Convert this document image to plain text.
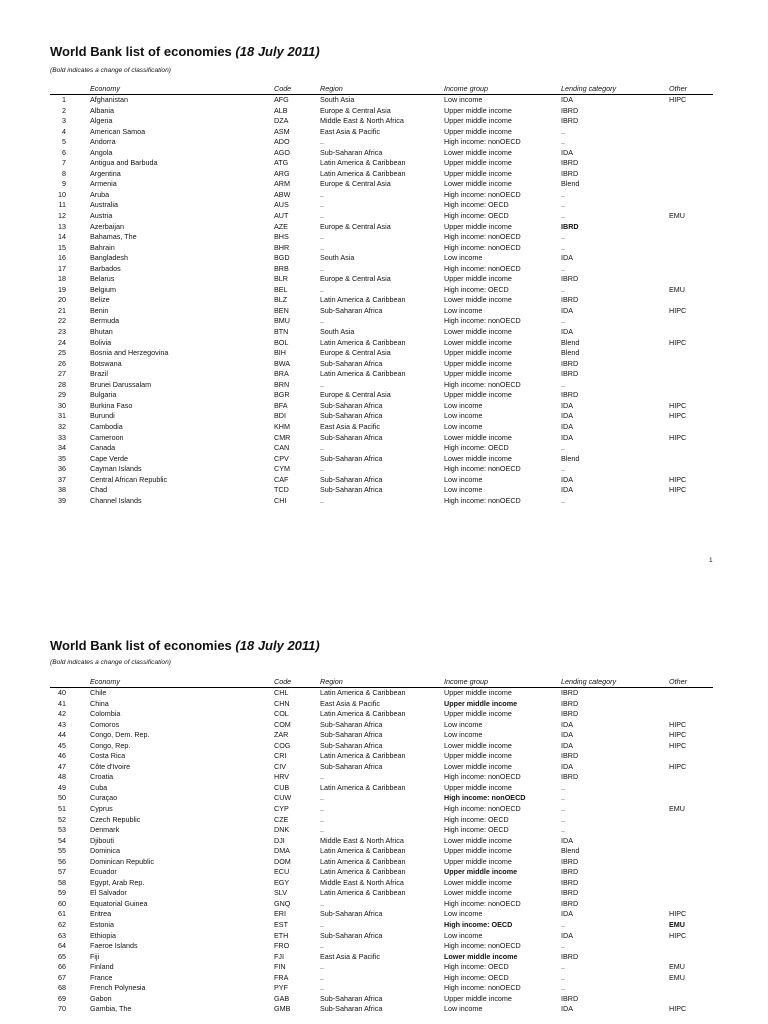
World Bank list of economies (18 July 2011)
(Bold indicates a change of classification)
		Economy	Code	Region	Income group	Lending category	Other
1		Afghanistan	AFG	South Asia	Low income	IDA	HIPC
2		Albania	ALB	Europe & Central Asia	Upper middle income	IBRD	
3		Algeria	DZA	Middle East & North Africa	Upper middle income	IBRD	
4		American Samoa	ASM	East Asia & Pacific	Upper middle income	..	
5		Andorra	ADO	..	High income: nonOECD	..	
6		Angola	AGO	Sub-Saharan Africa	Lower middle income	IDA	
7		Antigua and Barbuda	ATG	Latin America & Caribbean	Upper middle income	IBRD	
8		Argentina	ARG	Latin America & Caribbean	Upper middle income	IBRD	
9		Armenia	ARM	Europe & Central Asia	Lower middle income	Blend	
10		Aruba	ABW	..	High income: nonOECD	..	
11		Australia	AUS	..	High income: OECD	..	
12		Austria	AUT	..	High income: OECD	..	EMU
13		Azerbaijan	AZE	Europe & Central Asia	Upper middle income	IBRD	
14		Bahamas, The	BHS	..	High income: nonOECD	..	
15		Bahrain	BHR	..	High income: nonOECD	..	
16		Bangladesh	BGD	South Asia	Low income	IDA	
17		Barbados	BRB	..	High income: nonOECD	..	
18		Belarus	BLR	Europe & Central Asia	Upper middle income	IBRD	
19		Belgium	BEL	..	High income: OECD	..	EMU
20		Belize	BLZ	Latin America & Caribbean	Lower middle income	IBRD	
21		Benin	BEN	Sub-Saharan Africa	Low income	IDA	HIPC
22		Bermuda	BMU	..	High income: nonOECD	..	
23		Bhutan	BTN	South Asia	Lower middle income	IDA	
24		Bolivia	BOL	Latin America & Caribbean	Lower middle income	Blend	HIPC
25		Bosnia and Herzegovina	BIH	Europe & Central Asia	Upper middle income	Blend	
26		Botswana	BWA	Sub-Saharan Africa	Upper middle income	IBRD	
27		Brazil	BRA	Latin America & Caribbean	Upper middle income	IBRD	
28		Brunei Darussalam	BRN	..	High income: nonOECD	..	
29		Bulgaria	BGR	Europe & Central Asia	Upper middle income	IBRD	
30		Burkina Faso	BFA	Sub-Saharan Africa	Low income	IDA	HIPC
31		Burundi	BDI	Sub-Saharan Africa	Low income	IDA	HIPC
32		Cambodia	KHM	East Asia & Pacific	Low income	IDA	
33		Cameroon	CMR	Sub-Saharan Africa	Lower middle income	IDA	HIPC
34		Canada	CAN	..	High income: OECD	..	
35		Cape Verde	CPV	Sub-Saharan Africa	Lower middle income	Blend	
36		Cayman Islands	CYM	..	High income: nonOECD	..	
37		Central African Republic	CAF	Sub-Saharan Africa	Low income	IDA	HIPC
38		Chad	TCD	Sub-Saharan Africa	Low income	IDA	HIPC
39		Channel Islands	CHI	..	High income: nonOECD	..	
1
World Bank list of economies (18 July 2011)
(Bold indicates a change of classification)
		Economy	Code	Region	Income group	Lending category	Other
40		Chile	CHL	Latin America & Caribbean	Upper middle income	IBRD	
41		China	CHN	East Asia & Pacific	Upper middle income	IBRD	
42		Colombia	COL	Latin America & Caribbean	Upper middle income	IBRD	
43		Comoros	COM	Sub-Saharan Africa	Low income	IDA	HIPC
44		Congo, Dem. Rep.	ZAR	Sub-Saharan Africa	Low income	IDA	HIPC
45		Congo, Rep.	COG	Sub-Saharan Africa	Lower middle income	IDA	HIPC
46		Costa Rica	CRI	Latin America & Caribbean	Upper middle income	IBRD	
47		Côte d'Ivoire	CIV	Sub-Saharan Africa	Lower middle income	IDA	HIPC
48		Croatia	HRV	..	High income: nonOECD	IBRD	
49		Cuba	CUB	Latin America & Caribbean	Upper middle income	..	
50		Curaçao	CUW	..	High income: nonOECD	..	
51		Cyprus	CYP	..	High income: nonOECD	..	EMU
52		Czech Republic	CZE	..	High income: OECD	..	
53		Denmark	DNK	..	High income: OECD	..	
54		Djibouti	DJI	Middle East & North Africa	Lower middle income	IDA	
55		Dominica	DMA	Latin America & Caribbean	Upper middle income	Blend	
56		Dominican Republic	DOM	Latin America & Caribbean	Upper middle income	IBRD	
57		Ecuador	ECU	Latin America & Caribbean	Upper middle income	IBRD	
58		Egypt, Arab Rep.	EGY	Middle East & North Africa	Lower middle income	IBRD	
59		El Salvador	SLV	Latin America & Caribbean	Lower middle income	IBRD	
60		Equatorial Guinea	GNQ	..	High income: nonOECD	IBRD	
61		Eritrea	ERI	Sub-Saharan Africa	Low income	IDA	HIPC
62		Estonia	EST	..	High income: OECD	..	EMU
63		Ethiopia	ETH	Sub-Saharan Africa	Low income	IDA	HIPC
64		Faeroe Islands	FRO	..	High income: nonOECD	..	
65		Fiji	FJI	East Asia & Pacific	Lower middle income	IBRD	
66		Finland	FIN	..	High income: OECD	..	EMU
67		France	FRA	..	High income: OECD	..	EMU
68		French Polynesia	PYF	..	High income: nonOECD	..	
69		Gabon	GAB	Sub-Saharan Africa	Upper middle income	IBRD	
70		Gambia, The	GMB	Sub-Saharan Africa	Low income	IDA	HIPC
